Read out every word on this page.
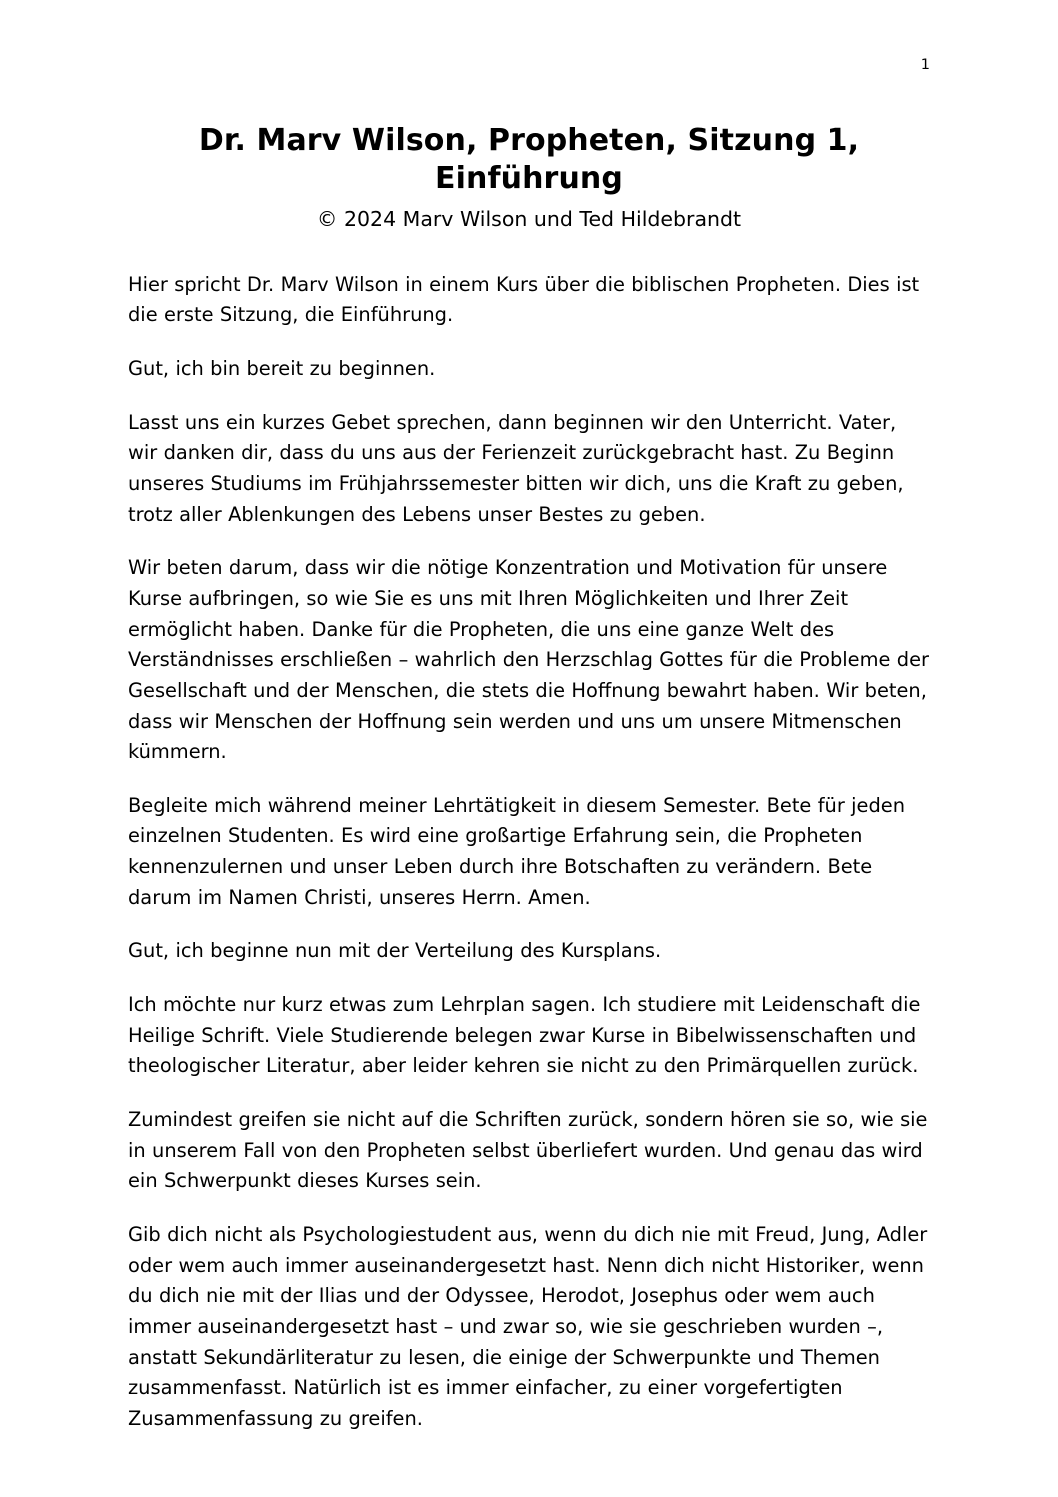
1
Dr. Marv Wilson, Propheten, Sitzung 1, Einführung
© 2024 Marv Wilson und Ted Hildebrandt

Hier spricht Dr. Marv Wilson in einem Kurs über die biblischen Propheten. Dies ist die erste Sitzung, die Einführung.

Gut, ich bin bereit zu beginnen.

Lasst uns ein kurzes Gebet sprechen, dann beginnen wir den Unterricht. Vater, wir danken dir, dass du uns aus der Ferienzeit zurückgebracht hast. Zu Beginn unseres Studiums im Frühjahrssemester bitten wir dich, uns die Kraft zu geben, trotz aller Ablenkungen des Lebens unser Bestes zu geben.

Wir beten darum, dass wir die nötige Konzentration und Motivation für unsere Kurse aufbringen, so wie Sie es uns mit Ihren Möglichkeiten und Ihrer Zeit ermöglicht haben. Danke für die Propheten, die uns eine ganze Welt des Verständnisses erschließen – wahrlich den Herzschlag Gottes für die Probleme der Gesellschaft und der Menschen, die stets die Hoffnung bewahrt haben. Wir beten, dass wir Menschen der Hoffnung sein werden und uns um unsere Mitmenschen kümmern.

Begleite mich während meiner Lehrtätigkeit in diesem Semester. Bete für jeden einzelnen Studenten. Es wird eine großartige Erfahrung sein, die Propheten kennenzulernen und unser Leben durch ihre Botschaften zu verändern. Bete darum im Namen Christi, unseres Herrn. Amen.

Gut, ich beginne nun mit der Verteilung des Kursplans.

Ich möchte nur kurz etwas zum Lehrplan sagen. Ich studiere mit Leidenschaft die Heilige Schrift. Viele Studierende belegen zwar Kurse in Bibelwissenschaften und theologischer Literatur, aber leider kehren sie nicht zu den Primärquellen zurück.

Zumindest greifen sie nicht auf die Schriften zurück, sondern hören sie so, wie sie in unserem Fall von den Propheten selbst überliefert wurden. Und genau das wird ein Schwerpunkt dieses Kurses sein.

Gib dich nicht als Psychologiestudent aus, wenn du dich nie mit Freud, Jung, Adler oder wem auch immer auseinandergesetzt hast. Nenn dich nicht Historiker, wenn du dich nie mit der Ilias und der Odyssee, Herodot, Josephus oder wem auch immer auseinandergesetzt hast – und zwar so, wie sie geschrieben wurden –, anstatt Sekundärliteratur zu lesen, die einige der Schwerpunkte und Themen zusammenfasst. Natürlich ist es immer einfacher, zu einer vorgefertigten Zusammenfassung zu greifen.
